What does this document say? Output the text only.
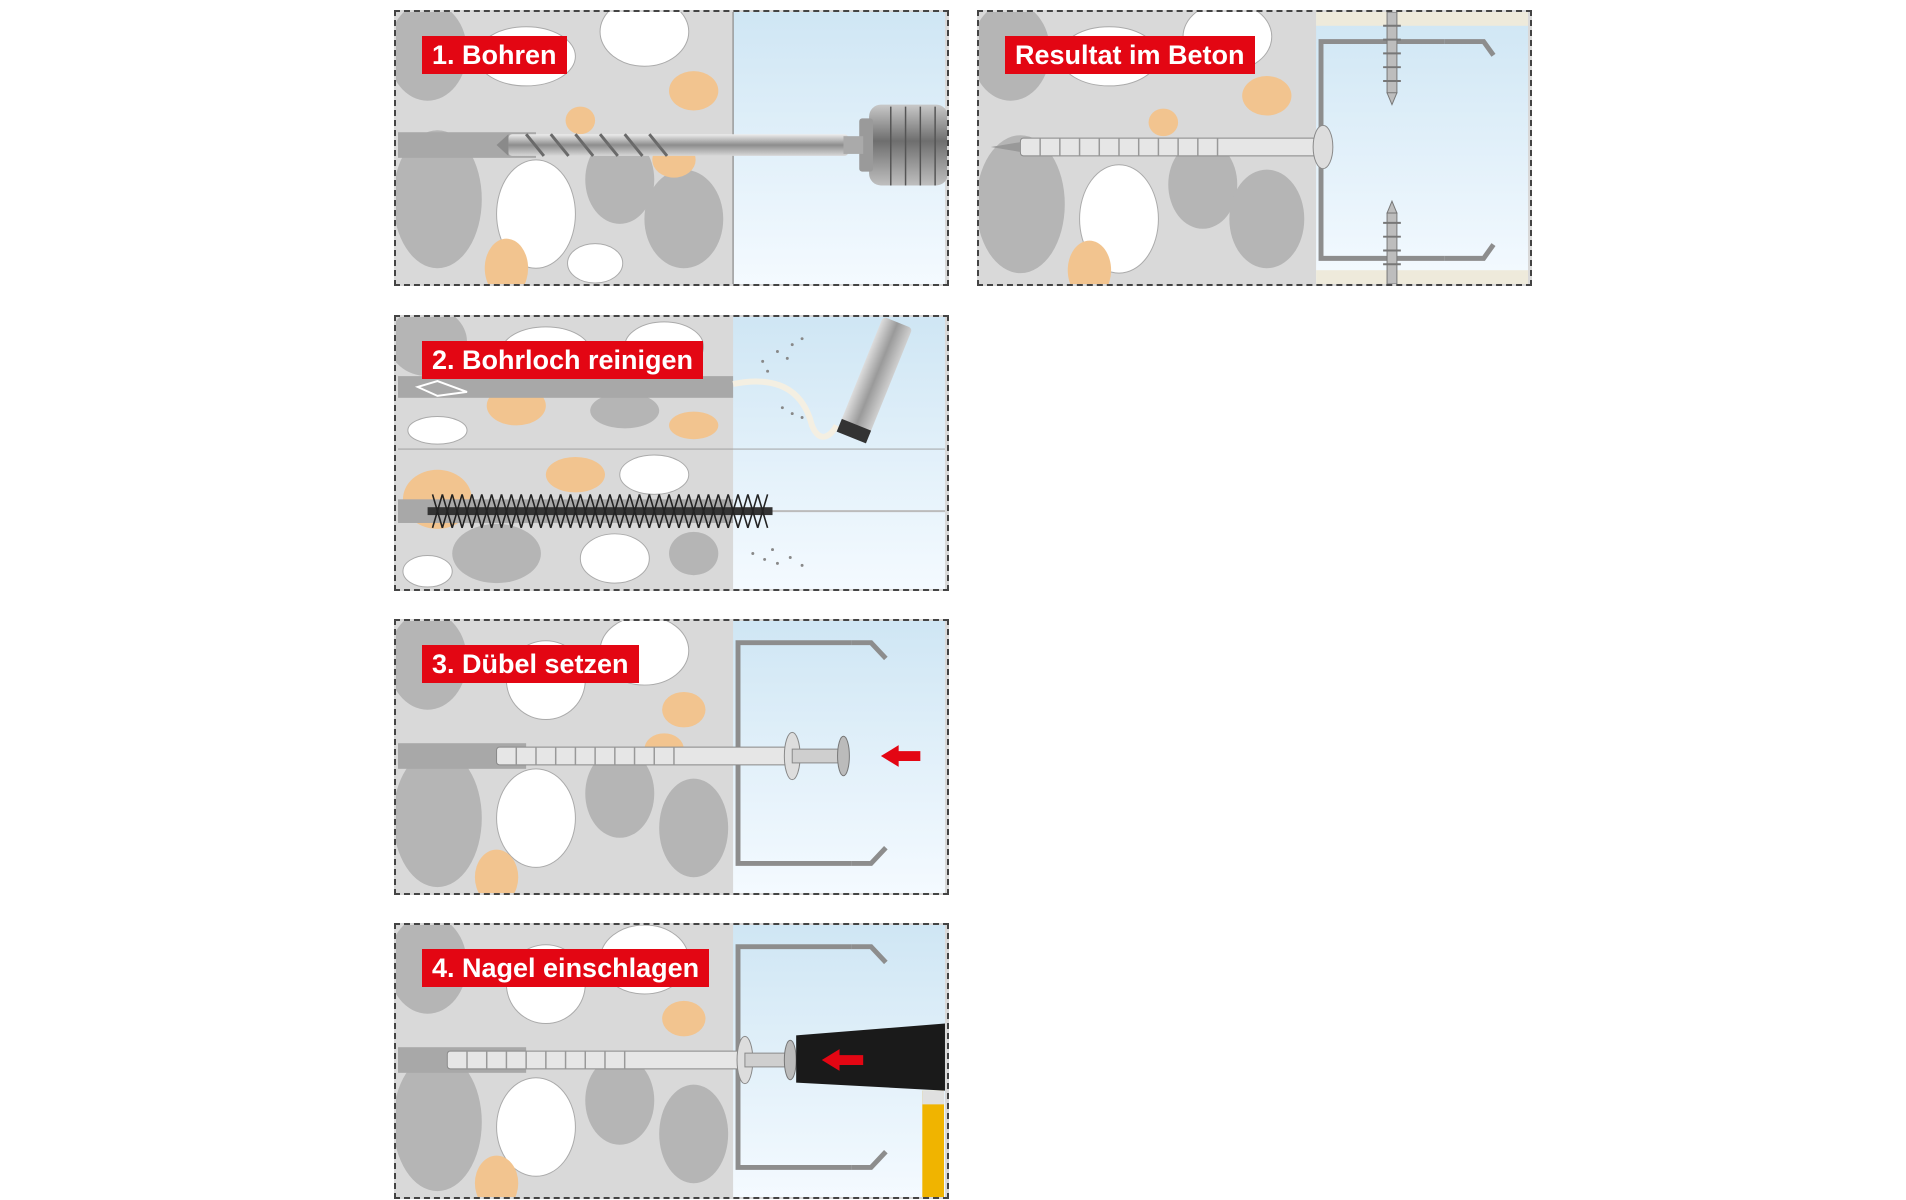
1. Bohren	Resultat im Beton
2. Bohrloch reinigen
3. Dübel setzen
4. Nagel einschlagen
